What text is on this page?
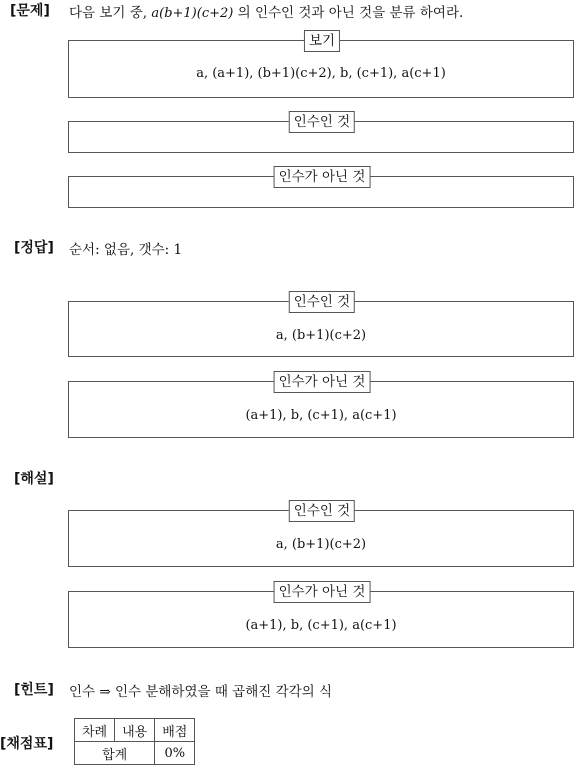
[문제] 다음 보기 중, a(b+1)(c+2) 의 인수인 것과 아닌 것을 분류 하여라.
보기
a, (a+1), (b+1)(c+2), b, (c+1), a(c+1)
인수인 것
인수가 아닌 것
[정답] 순서: 없음, 갯수: 1
인수인 것
a, (b+1)(c+2)
인수가 아닌 것
(a+1), b, (c+1), a(c+1)
[해설]
인수인 것
a, (b+1)(c+2)
인수가 아닌 것
(a+1), b, (c+1), a(c+1)
[힌트] 인수 ⇒ 인수 분해하였을 때 곱해진 각각의 식
[채점표]
차례	내용	배점
합계		0%
